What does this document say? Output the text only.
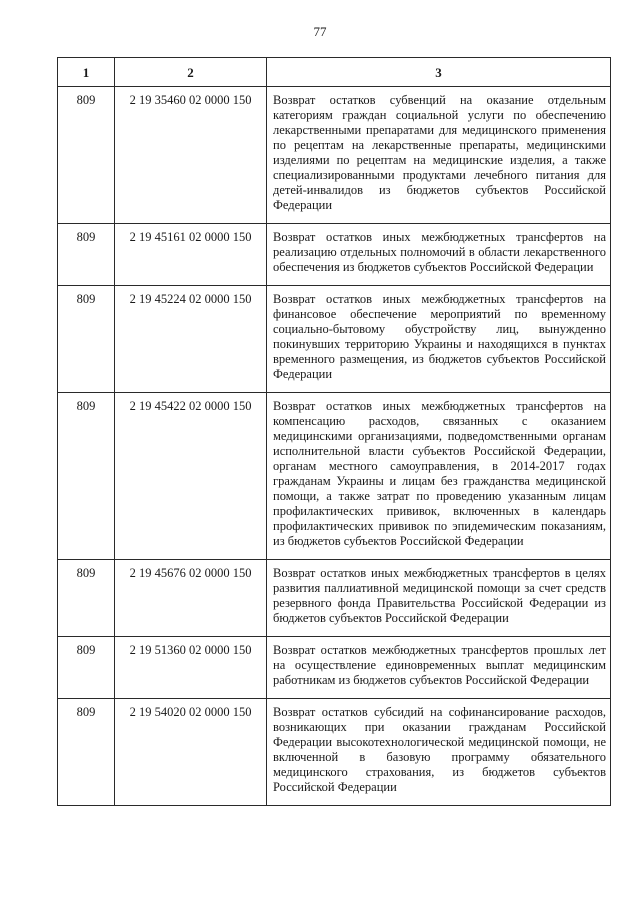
77
1	2	3
809	2 19 35460 02 0000 150	Возврат остатков субвенций на оказание отдельным категориям граждан социальной услуги по обеспечению лекарственными препаратами для медицинского применения по рецептам на лекарственные препараты, медицинскими изделиями по рецептам на медицинские изделия, а также специализированными продуктами лечебного питания для детей-инвалидов из бюджетов субъектов Российской Федерации
809	2 19 45161 02 0000 150	Возврат остатков иных межбюджетных трансфертов на реализацию отдельных полномочий в области лекарственного обеспечения из бюджетов субъектов Российской Федерации
809	2 19 45224 02 0000 150	Возврат остатков иных межбюджетных трансфертов на финансовое обеспечение мероприятий по временному социально-бытовому обустройству лиц, вынужденно покинувших территорию Украины и находящихся в пунктах временного размещения, из бюджетов субъектов Российской Федерации
809	2 19 45422 02 0000 150	Возврат остатков иных межбюджетных трансфертов на компенсацию расходов, связанных с оказанием медицинскими организациями, подведомственными органам исполнительной власти субъектов Российской Федерации, органам местного самоуправления, в 2014-2017 годах гражданам Украины и лицам без гражданства медицинской помощи, а также затрат по проведению указанным лицам профилактических прививок, включенных в календарь профилактических прививок по эпидемическим показаниям, из бюджетов субъектов Российской Федерации
809	2 19 45676 02 0000 150	Возврат остатков иных межбюджетных трансфертов в целях развития паллиативной медицинской помощи за счет средств резервного фонда Правительства Российской Федерации из бюджетов субъектов Российской Федерации
809	2 19 51360 02 0000 150	Возврат остатков межбюджетных трансфертов прошлых лет на осуществление единовременных выплат медицинским работникам из бюджетов субъектов Российской Федерации
809	2 19 54020 02 0000 150	Возврат остатков субсидий на софинансирование расходов, возникающих при оказании гражданам Российской Федерации высокотехнологической медицинской помощи, не включенной в базовую программу обязательного медицинского страхования, из бюджетов субъектов Российской Федерации
